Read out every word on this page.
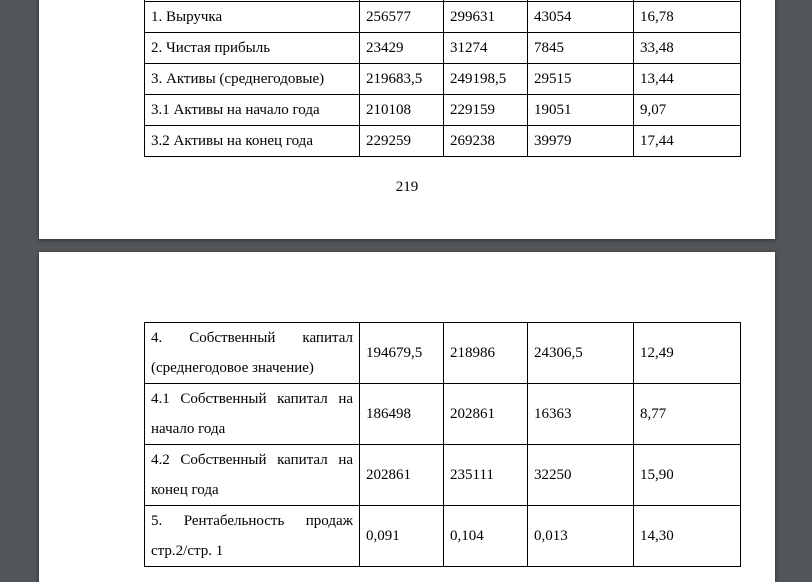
1. Выручка	256577	299631	43054	16,78
2. Чистая прибыль	23429	31274	7845	33,48
3. Активы (среднегодовые)	219683,5	249198,5	29515	13,44
3.1 Активы на начало года	210108	229159	19051	9,07
3.2 Активы на конец года	229259	269238	39979	17,44
219
4. Собственный капитал (среднегодовое значение)	194679,5	218986	24306,5	12,49
4.1 Собственный капитал на начало года	186498	202861	16363	8,77
4.2 Собственный капитал на конец года	202861	235111	32250	15,90
5. Рентабельность продаж стр.2/стр. 1	0,091	0,104	0,013	14,30
